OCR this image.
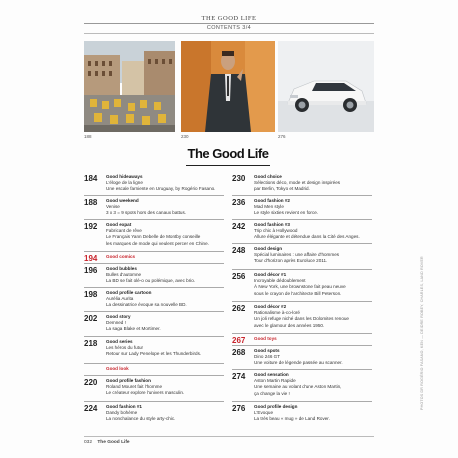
THE GOOD LIFE
CONTENTS 3/4
188	230	276
The Good Life
184 Good hideaways
L'éloge de la ligne
Une escale farniente en Uruguay, by Rogério Fasano.
188 Good weekend
Venise
3 x 3 = 9 spots hors des canaux battus.
192 Good expat
Fabricant de rêve
Le Français Yann Debelle de Montby conseille
les marques de mode qui veulent percer en Chine.
194 Good comics
196 Good bubbles
Bulles d'automne
La BD se fait olé-o ou polémique, avec brio.
198 Good profile cartoon
Aurélia Aurita
La dessinatrice évoque sa nouvelle BD.
202 Good story
Demned !
La saga Blake et Mortimer.
218 Good series
Les héros du futur
Retour sur Lady Penelope et les Thunderbirds.
Good look
220 Good profile fashion
Roland Mouret fait l'homme
Le créateur explore l'univers masculin.
224 Good fashion #1
Dandy bohème
La nonchalance du style arty-chic.
230 Good choice
Sélections déco, mode et design inspirées
par Berlin, Tokyo et Madrid.
236 Good fashion #2
Mad Men style
Le style sixties revient en force.
242 Good fashion #3
Trip chic à Hollywood
Allure élégante et détendue dans la Cité des Anges.
248 Good design
Spécial luminaires : une affaire d'hommes
Tour d'horizon après Euroluce 2011.
256 Good décor #1
Incroyable dédoublement
À New York, une brownstone fait peau neuve
sous le crayon de l'architecte Bill Peterson.
262 Good décor #2
Rationalisme à-co-loré
Un joli refuge niché dans les Dolomites renoue
avec le glamour des années 1950.
267 Good toys
268 Good spots
Dino 246 GT
Une voiture de légende passée au scanner.
274 Good sensation
Aston Martin Rapide
Une semaine au volant d'une Aston Martin,
ça change la vie !
276 Good profile design
L'Evoque
La très beau « mug » de Land Rover.
PHOTOS DR ROGÉRIO FASANO, KEN — DEIDRE ROBEY, CHARLES, LAND ROVER
032 The Good Life
